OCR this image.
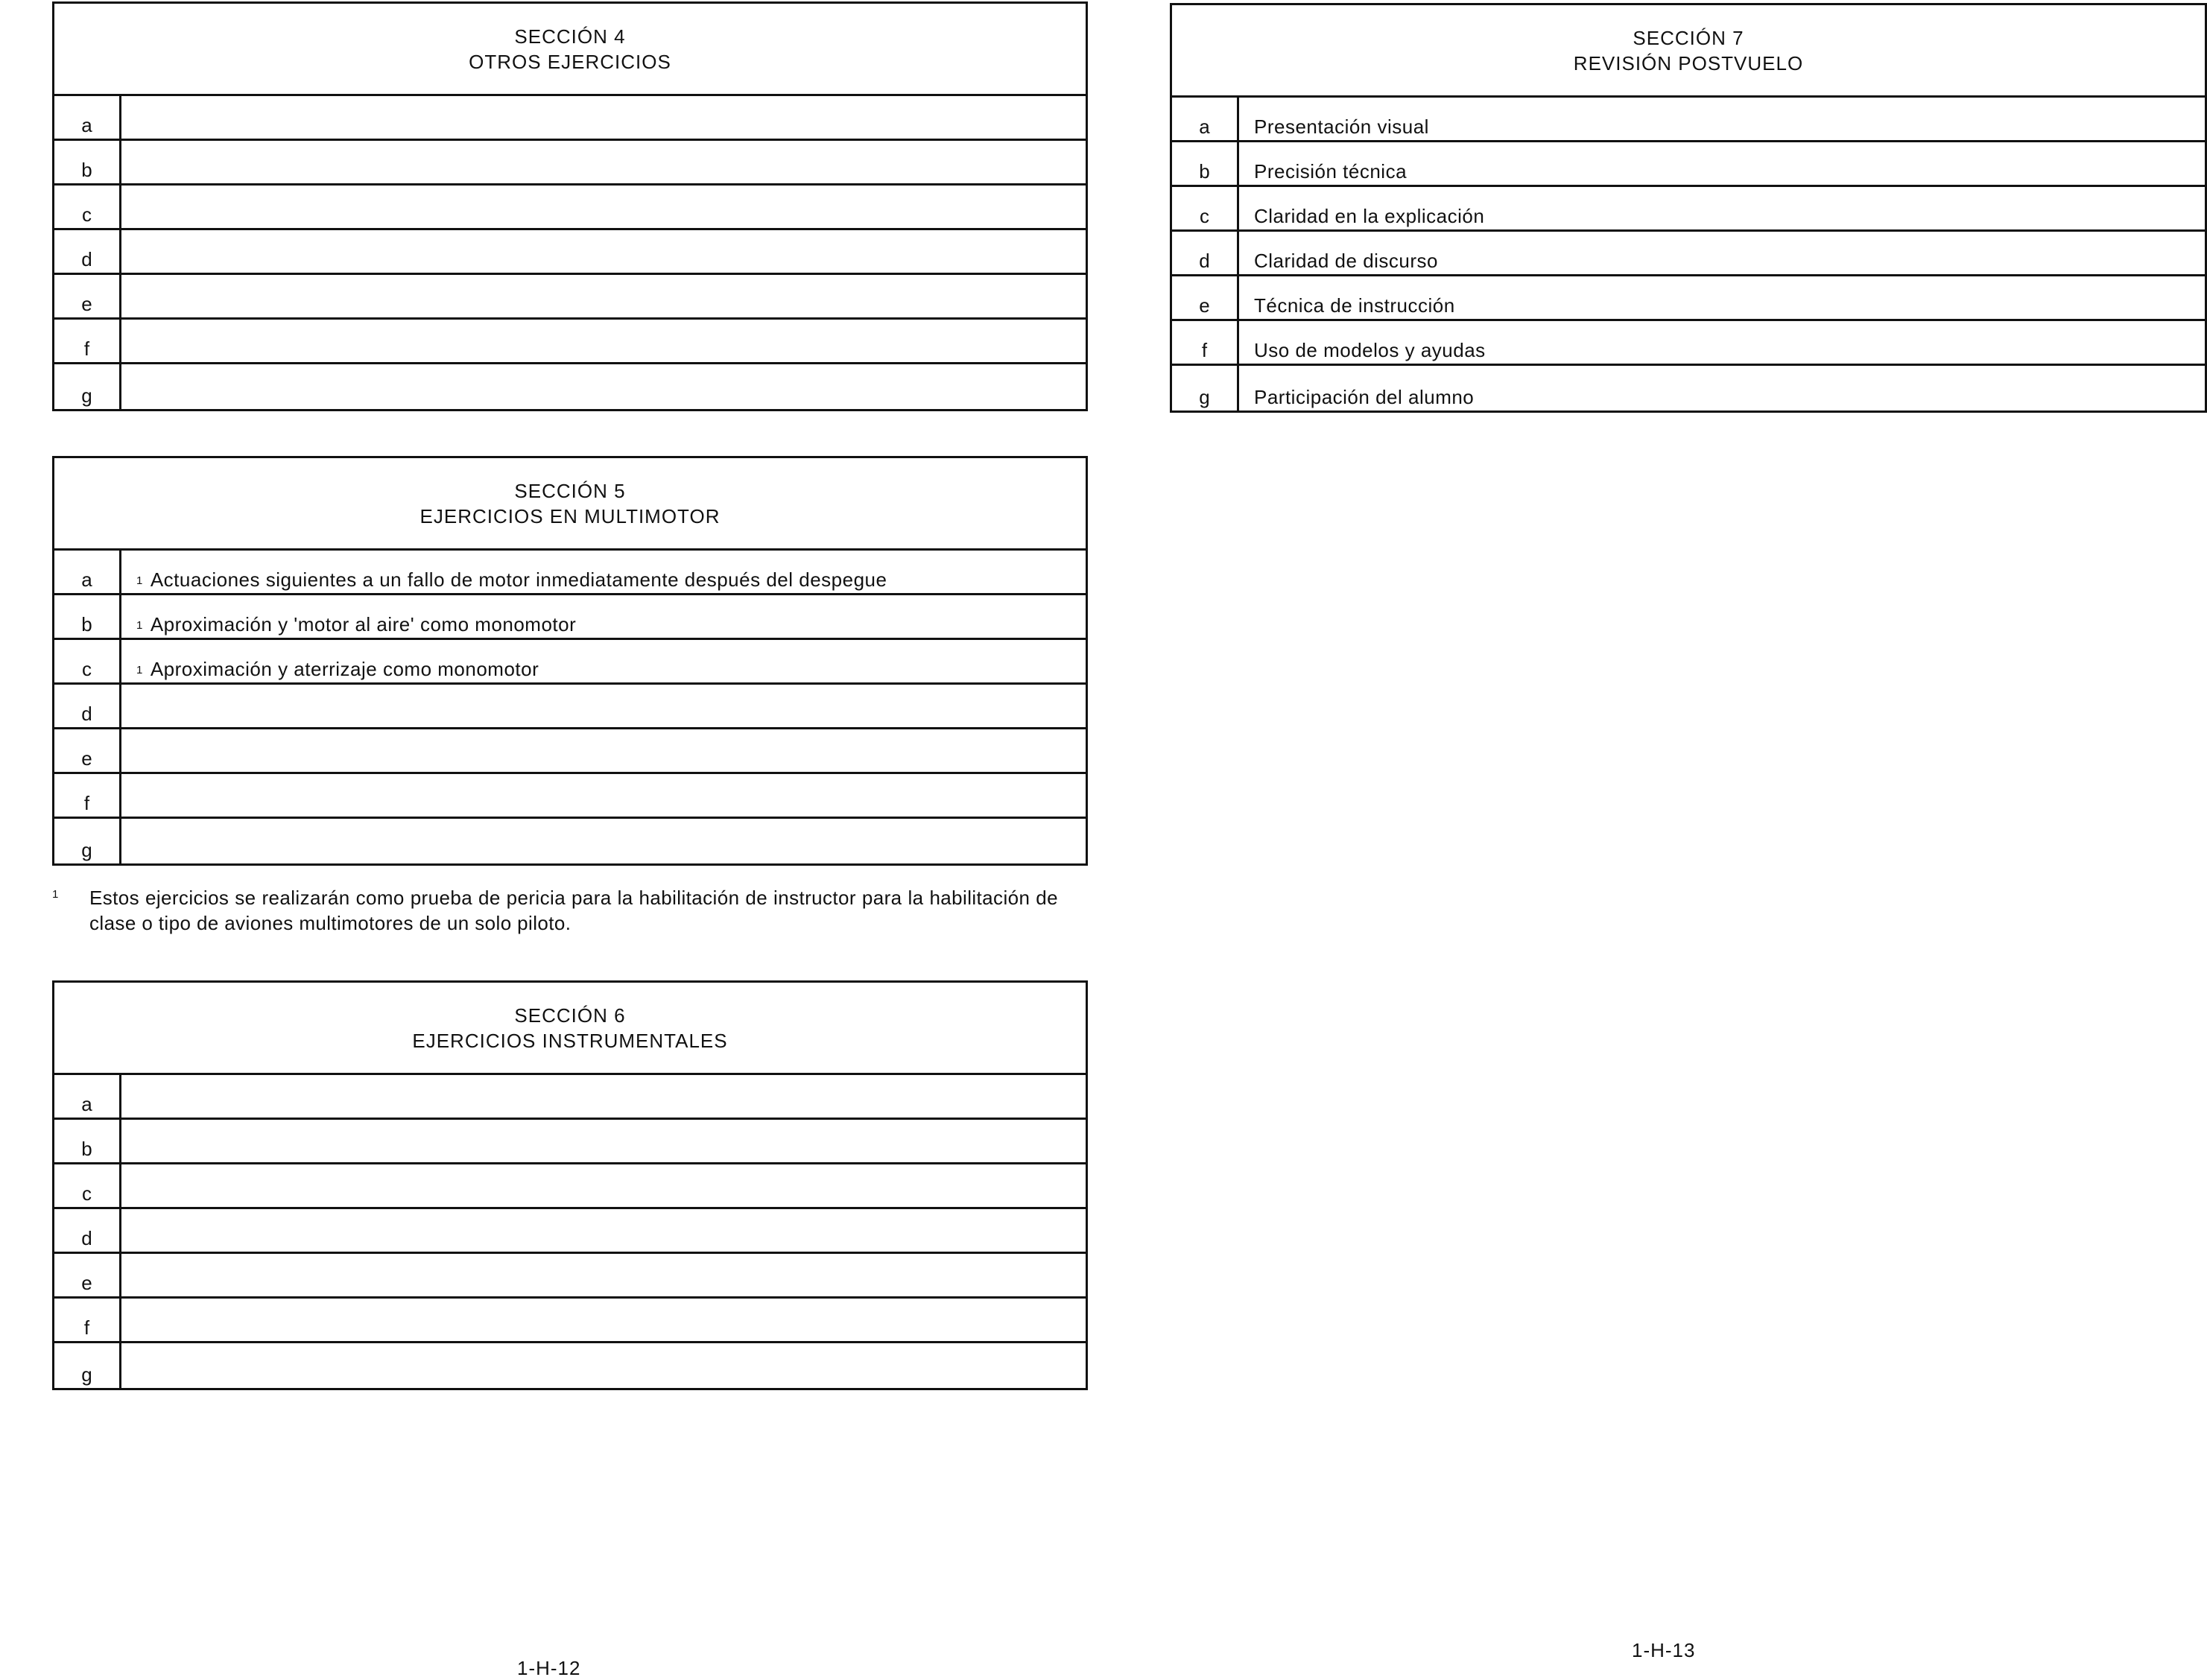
SECCIÓN 4
OTROS EJERCICIOS
a
b
c
d
e
f
g
SECCIÓN 5
EJERCICIOS EN MULTIMOTOR
a	$^1$ Actuaciones siguientes a un fallo de motor inmediatamente después del despegue
b	$^1$ Aproximación y 'motor al aire' como monomotor
c	$^1$ Aproximación y aterrizaje como monomotor
d
e
f
g
1 Estos ejercicios se realizarán como prueba de pericia para la habilitación de instructor para la habilitación de clase o tipo de aviones multimotores de un solo piloto.
SECCIÓN 6
EJERCICIOS INSTRUMENTALES
a
b
c
d
e
f
g
SECCIÓN 7
REVISIÓN POSTVUELO
a	Presentación visual
b	Precisión técnica
c	Claridad en la explicación
d	Claridad de discurso
e	Técnica de instrucción
f	Uso de modelos y ayudas
g	Participación del alumno
1-H-12
1-H-13
